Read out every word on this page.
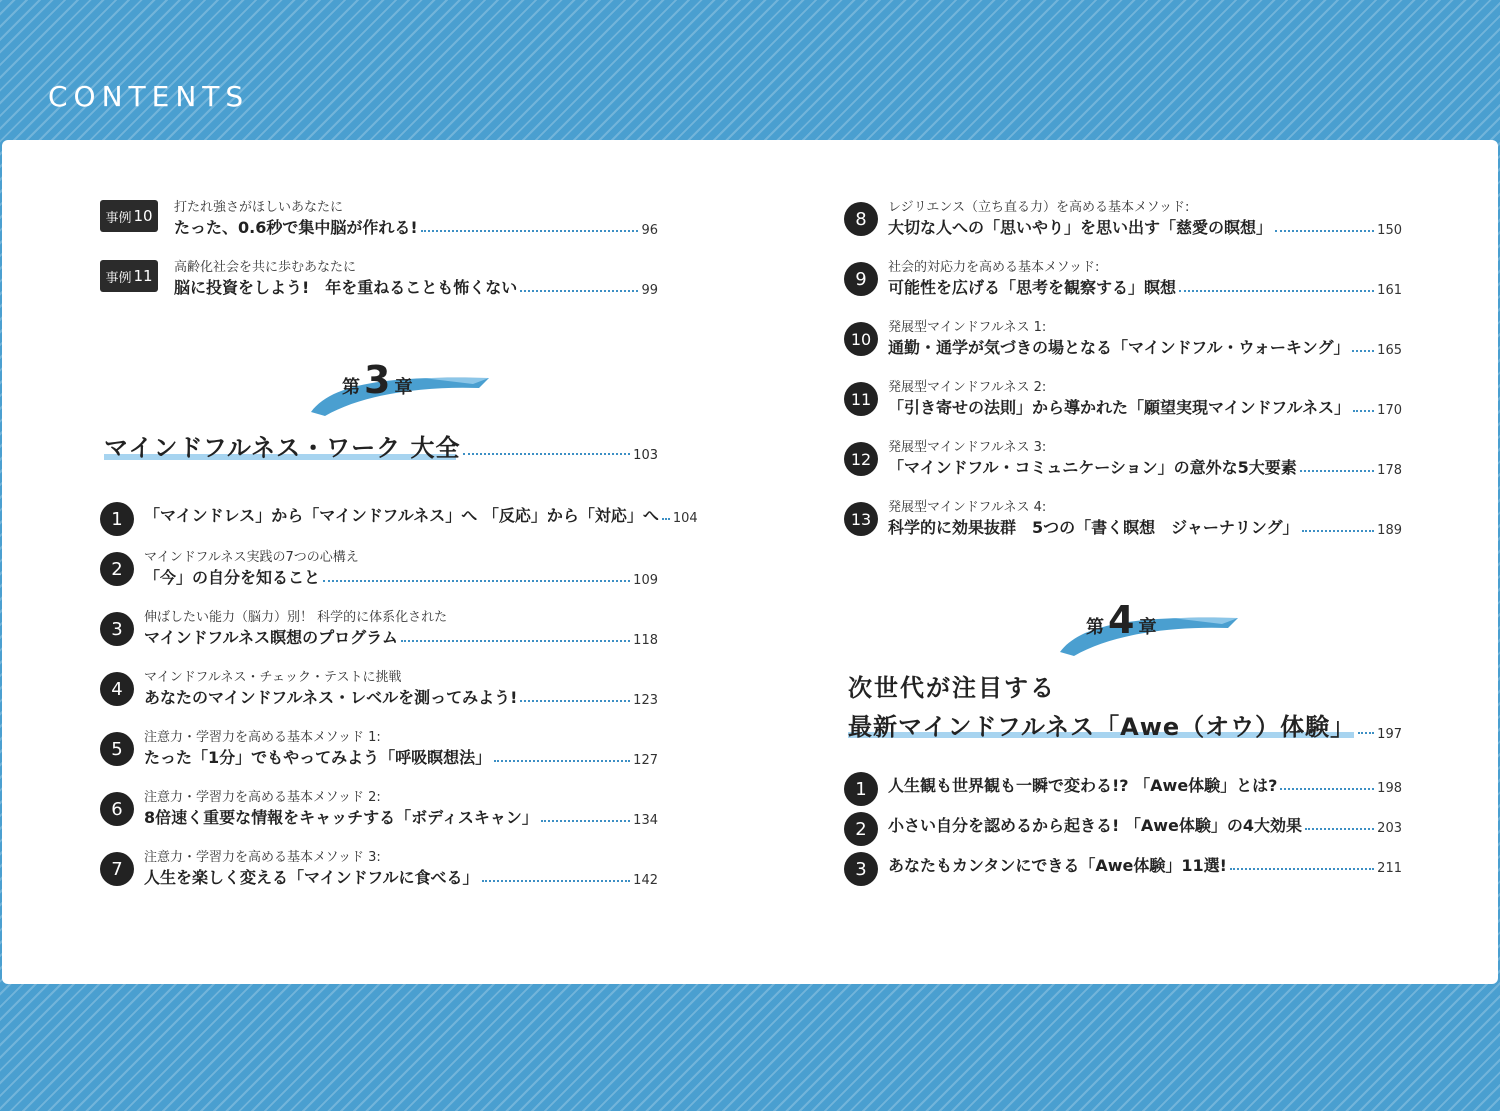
CONTENTS
事例 10 打たれ強さがほしいあなたに
たった、0.6秒で集中脳が作れる!	96
事例 11 高齢化社会を共に歩むあなたに
脳に投資をしよう!　年を重ねることも怖くない	99
第 3 章
マインドフルネス・ワーク 大全	103
1	「マインドレス」から「マインドフルネス」へ 「反応」から「対応」へ 104
2
マインドフルネス実践の7つの心構え
「今」の自分を知ること	109
3
伸ばしたい能力（脳力）別！ 科学的に体系化された
マインドフルネス瞑想のプログラム	118
4
マインドフルネス・チェック・テストに挑戦
あなたのマインドフルネス・レベルを測ってみよう!	123
5
注意力・学習力を高める基本メソッド 1:
たった「1分」でもやってみよう「呼吸瞑想法」	127
6
注意力・学習力を高める基本メソッド 2:
8倍速く重要な情報をキャッチする「ボディスキャン」	134
7
注意力・学習力を高める基本メソッド 3:
人生を楽しく変える「マインドフルに食べる」	142
8
レジリエンス（立ち直る力）を高める基本メソッド:
大切な人への「思いやり」を思い出す「慈愛の瞑想」	150
9
社会的対応力を高める基本メソッド:
可能性を広げる「思考を観察する」瞑想	161
10
発展型マインドフルネス 1:
通勤・通学が気づきの場となる「マインドフル・ウォーキング」 165
11
発展型マインドフルネス 2:
「引き寄せの法則」から導かれた「願望実現マインドフルネス」 170
12
発展型マインドフルネス 3:
「マインドフル・コミュニケーション」の意外な5大要素	178
13
発展型マインドフルネス 4:
科学的に効果抜群　5つの「書く瞑想　ジャーナリング」	189
第 4 章
次世代が注目する
最新マインドフルネス「Awe（オウ）体験」 197
1	人生観も世界観も一瞬で変わる!? 「Awe体験」とは?	198
2	小さい自分を認めるから起きる! 「Awe体験」の4大効果	203
3	あなたもカンタンにできる「Awe体験」11選!	211
